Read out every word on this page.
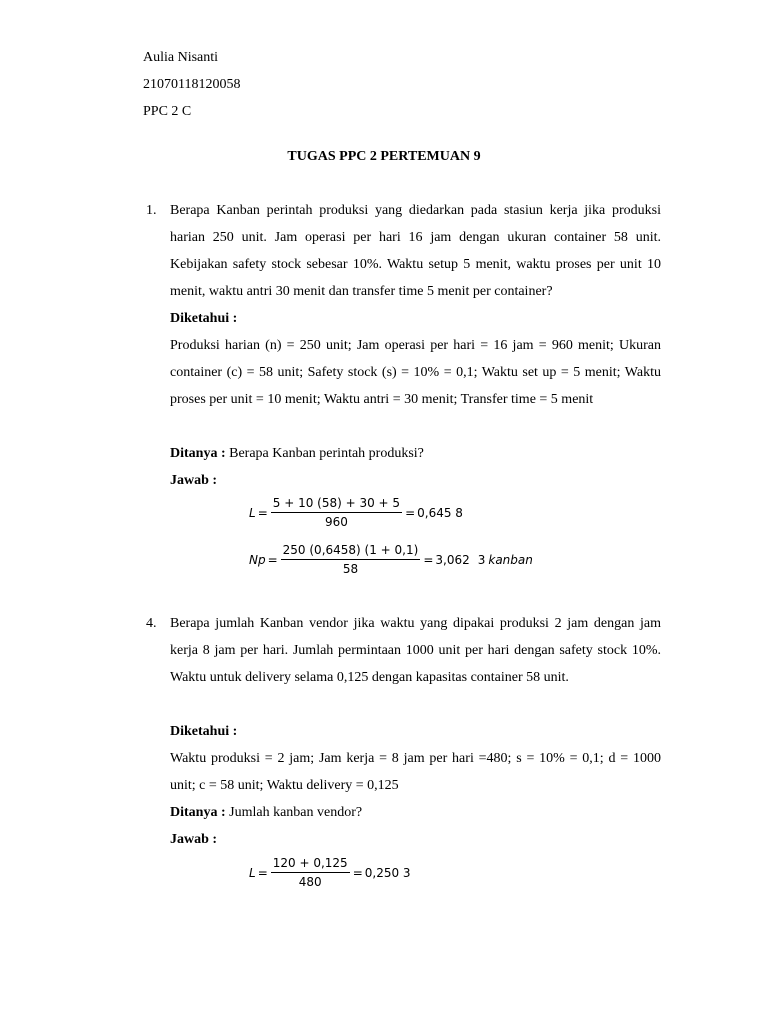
Aulia Nisanti
21070118120058
PPC 2 C
TUGAS PPC 2 PERTEMUAN 9
1. Berapa Kanban perintah produksi yang diedarkan pada stasiun kerja jika produksi harian 250 unit. Jam operasi per hari 16 jam dengan ukuran container 58 unit. Kebijakan safety stock sebesar 10%. Waktu setup 5 menit, waktu proses per unit 10 menit, waktu antri 30 menit dan transfer time 5 menit per container?
Diketahui :
Produksi harian (n) = 250 unit; Jam operasi per hari = 16 jam = 960 menit; Ukuran container (c) = 58 unit; Safety stock (s) = 10% = 0,1; Waktu set up = 5 menit; Waktu proses per unit = 10 menit; Waktu antri = 30 menit; Transfer time = 5 menit
Ditanya : Berapa Kanban perintah produksi?
Jawab :
$L = \frac{5 + 10 (58) + 30 + 5}{960} = 0,645$ 8
$Np = \frac{250 (0,6458) (1 + 0,1)}{58} = 3,062$ 3 kanban
4. Berapa jumlah Kanban vendor jika waktu yang dipakai produksi 2 jam dengan jam kerja 8 jam per hari. Jumlah permintaan 1000 unit per hari dengan safety stock 10%. Waktu untuk delivery selama 0,125 dengan kapasitas container 58 unit.
Diketahui :
Waktu produksi = 2 jam; Jam kerja = 8 jam per hari =480; s = 10% = 0,1; d = 1000 unit; c = 58 unit; Waktu delivery = 0,125
Ditanya : Jumlah kanban vendor?
Jawab :
$L = \frac{120 + 0,125}{480} = 0,250$ 3
